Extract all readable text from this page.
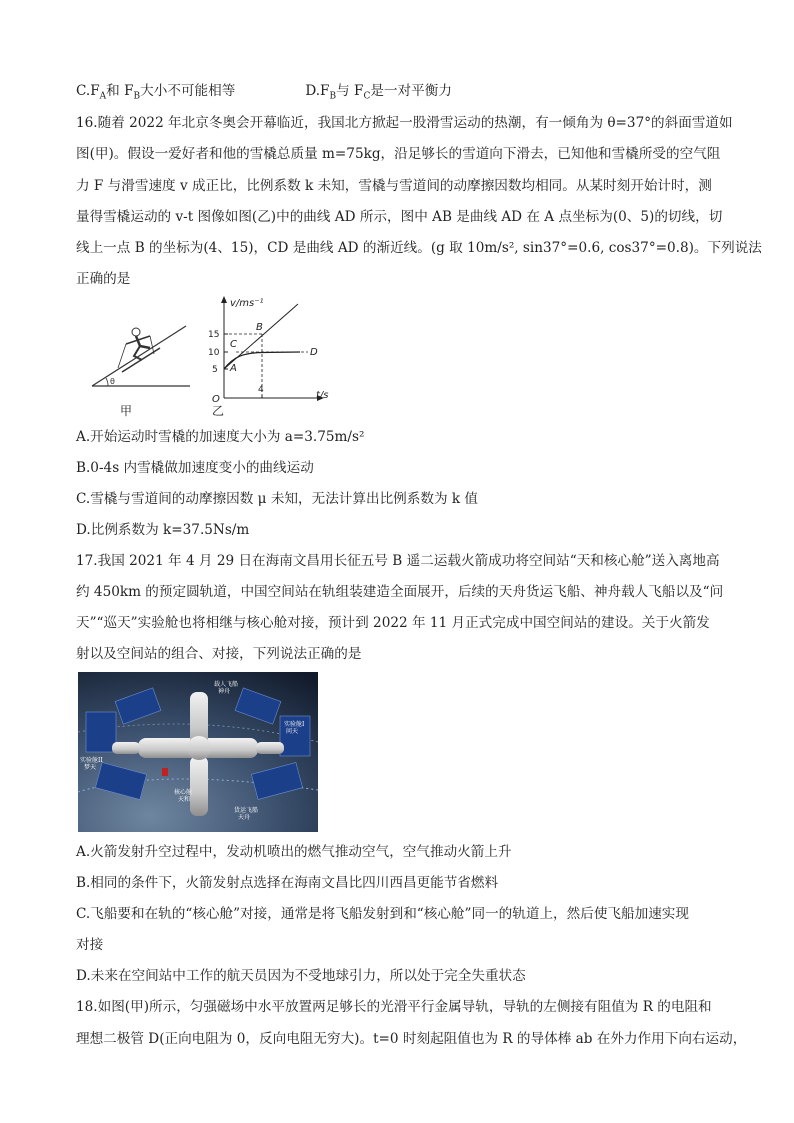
$C.F_A$和 $F_B$大小不可能相等	$D.F_B$与 $F_C$是一对平衡力
16.随着 2022 年北京冬奥会开幕临近，我国北方掀起一股滑雪运动的热潮，有一倾角为 θ=37°的斜面雪道如
图(甲)。假设一爱好者和他的雪橇总质量 m=75kg，沿足够长的雪道向下滑去，已知他和雪橇所受的空气阻
力 F 与滑雪速度 v 成正比，比例系数 k 未知，雪橇与雪道间的动摩擦因数均相同。从某时刻开始计时，测
量得雪橇运动的 v-t 图像如图(乙)中的曲线 AD 所示，图中 AB 是曲线 AD 在 A 点坐标为(0、5)的切线，切
线上一点 B 的坐标为(4、15)，CD 是曲线 AD 的渐近线。(g 取 10m/s², sin37°=0.6, cos37°=0.8)。下列说法
正确的是
θ
甲
v/ms⁻¹
t/s
O
15
10
5
B
C
D
A
4
乙
A.开始运动时雪橇的加速度大小为 a=3.75m/s²
B.0-4s 内雪橇做加速度变小的曲线运动
C.雪橇与雪道间的动摩擦因数 μ 未知，无法计算出比例系数为 k 值
D.比例系数为 k=37.5Ns/m
17.我国 2021 年 4 月 29 日在海南文昌用长征五号 B 遥二运载火箭成功将空间站“天和核心舱”送入离地高
约 450km 的预定圆轨道，中国空间站在轨组装建造全面展开，后续的天舟货运飞船、神舟载人飞船以及“问
天”“巡天”实验舱也将相继与核心舱对接，预计到 2022 年 11 月正式完成中国空间站的建设。关于火箭发
射以及空间站的组合、对接，下列说法正确的是
载人飞船
神舟
实验舱I
问天
实验舱II
梦天
核心舱
天和
货运飞船
天舟
A.火箭发射升空过程中，发动机喷出的燃气推动空气，空气推动火箭上升
B.相同的条件下，火箭发射点选择在海南文昌比四川西昌更能节省燃料
C.飞船要和在轨的“核心舱”对接，通常是将飞船发射到和“核心舱”同一的轨道上，然后使飞船加速实现
对接
D.未来在空间站中工作的航天员因为不受地球引力，所以处于完全失重状态
18.如图(甲)所示，匀强磁场中水平放置两足够长的光滑平行金属导轨，导轨的左侧接有阻值为 R 的电阻和
理想二极管 D(正向电阻为 0，反向电阻无穷大)。t=0 时刻起阻值也为 R 的导体棒 ab 在外力作用下向右运动，
